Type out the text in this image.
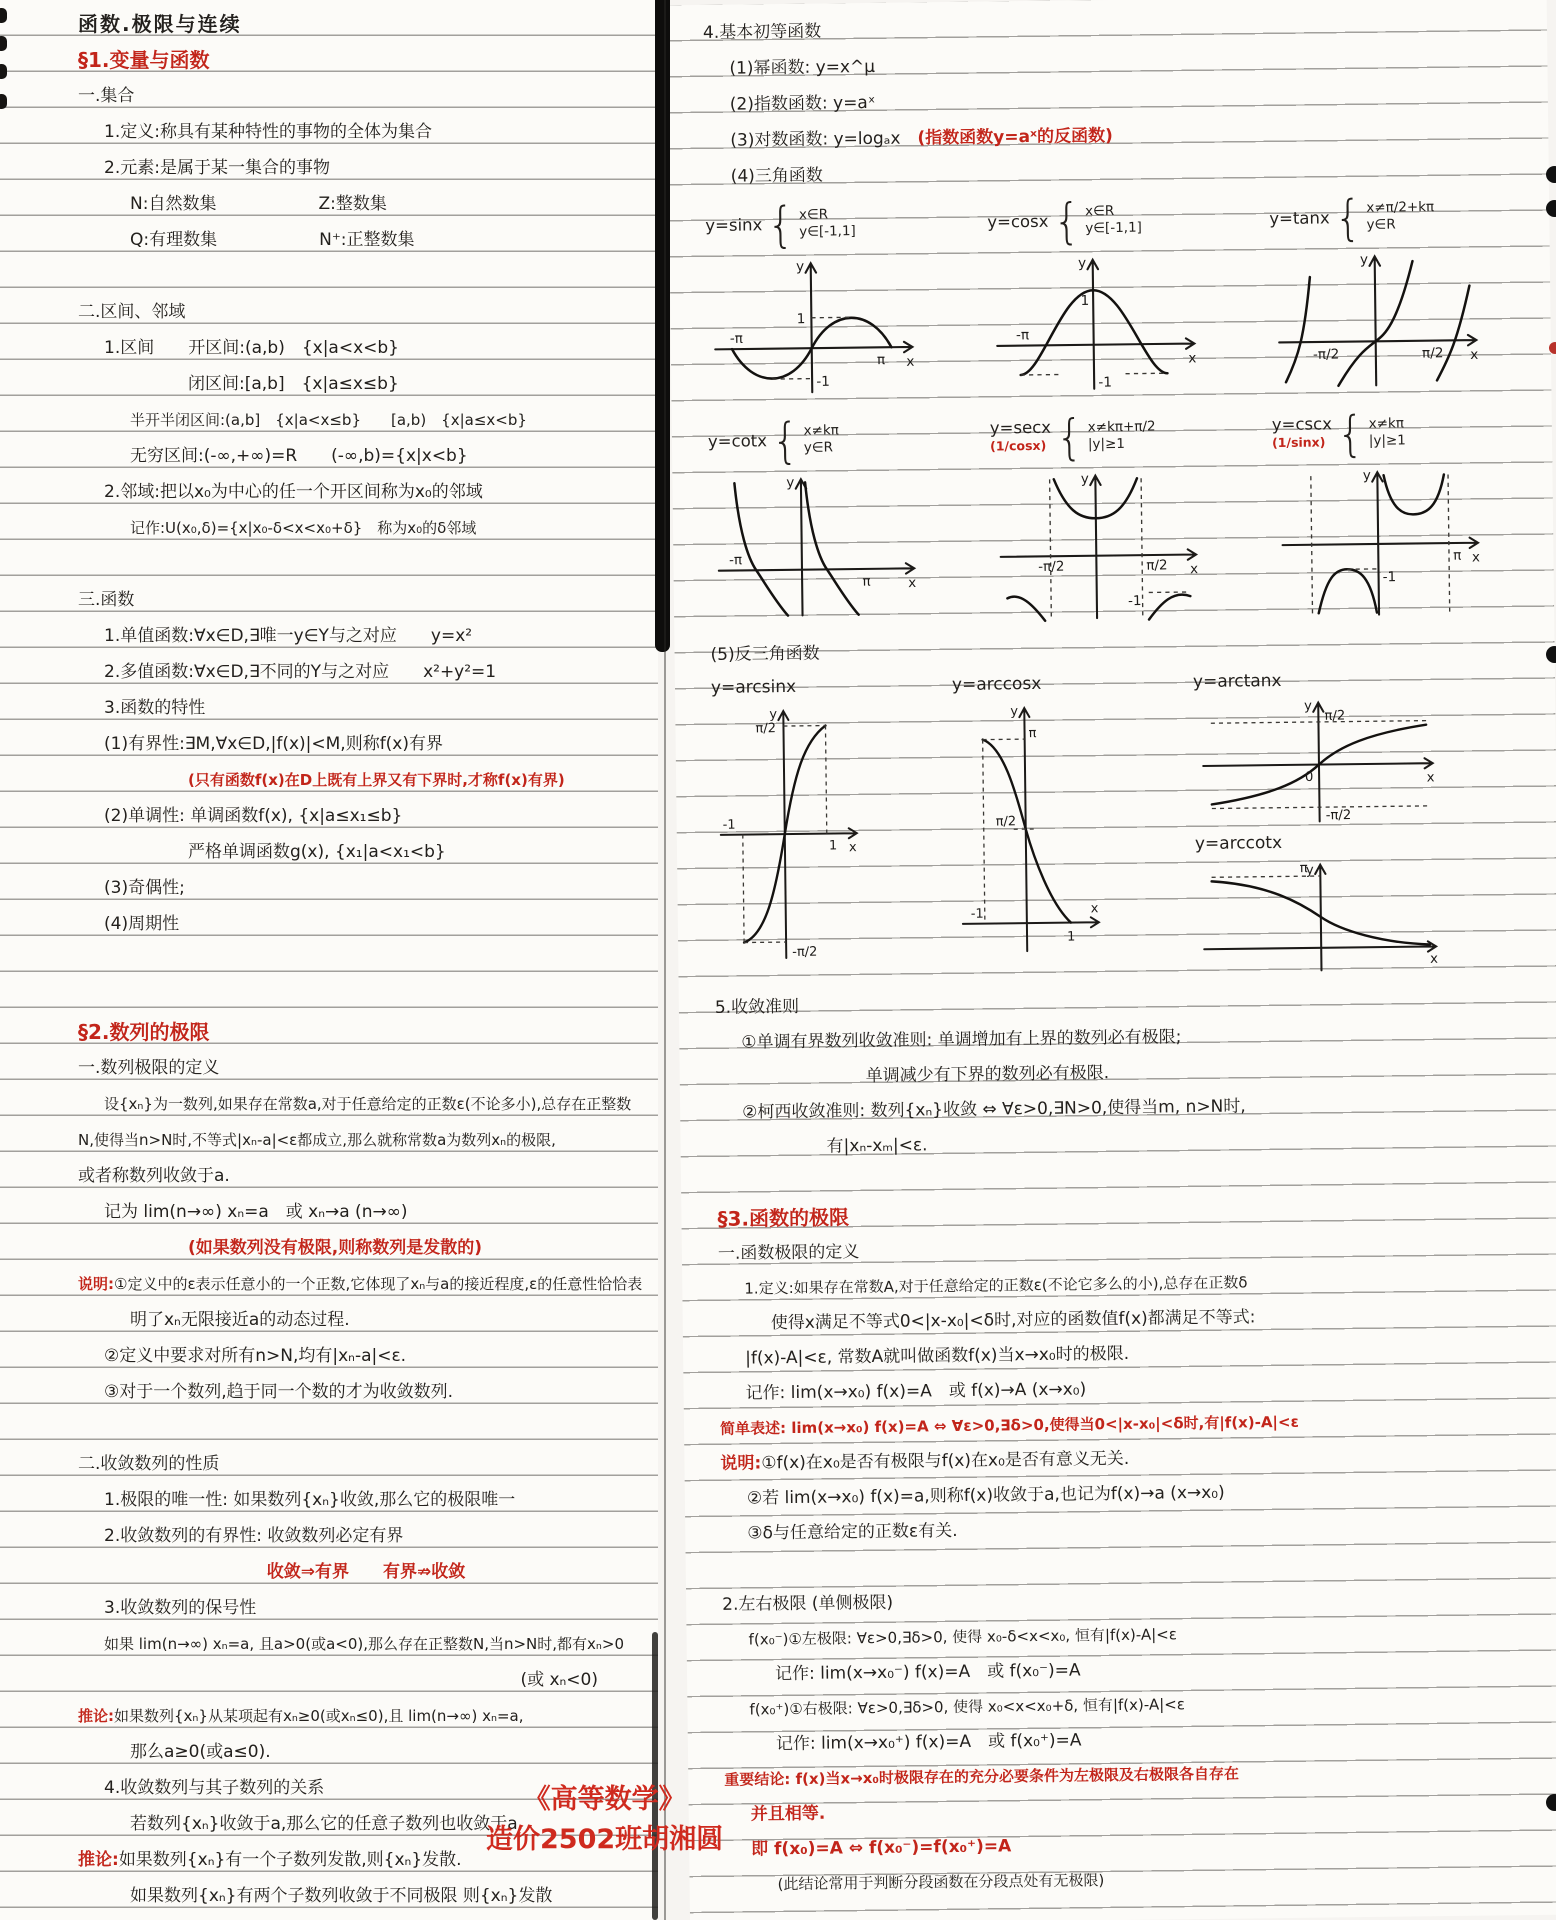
函数.极限与连续
§1.变量与函数
一.集合
1.定义:称具有某种特性的事物的全体为集合
2.元素:是属于某一集合的事物
N:自然数集　　　　　　Z:整数集
Q:有理数集　　　　　　N⁺:正整数集
二.区间、邻域
1.区间　　开区间:(a,b)　{x|a<x<b}
闭区间:[a,b]　{x|a≤x≤b}
半开半闭区间:(a,b]　{x|a<x≤b}　　[a,b)　{x|a≤x<b}
无穷区间:(-∞,+∞)=R　　(-∞,b)={x|x<b}
2.邻域:把以x₀为中心的任一个开区间称为x₀的邻域
记作:U(x₀,δ)={x|x₀-δ<x<x₀+δ}　称为x₀的δ邻域
三.函数
1.单值函数:∀x∈D,∃唯一y∈Y与之对应　　y=x²
2.多值函数:∀x∈D,∃不同的Y与之对应　　x²+y²=1
3.函数的特性
(1)有界性:∃M,∀x∈D,|f(x)|<M,则称f(x)有界
(只有函数f(x)在D上既有上界又有下界时,才称f(x)有界)
(2)单调性: 单调函数f(x), {x|a≤x₁≤b}
严格单调函数g(x), {x₁|a<x₁<b}
(3)奇偶性;
(4)周期性
§2.数列的极限
一.数列极限的定义
设{xₙ}为一数列,如果存在常数a,对于任意给定的正数ε(不论多小),总存在正整数
N,使得当n>N时,不等式|xₙ-a|<ε都成立,那么就称常数a为数列xₙ的极限,
或者称数列收敛于a.
记为 lim(n→∞) xₙ=a　或 xₙ→a (n→∞)
(如果数列没有极限,则称数列是发散的)
说明:①定义中的ε表示任意小的一个正数,它体现了xₙ与a的接近程度,ε的任意性恰恰表
明了xₙ无限接近a的动态过程.
②定义中要求对所有n>N,均有|xₙ-a|<ε.
③对于一个数列,趋于同一个数的才为收敛数列.
二.收敛数列的性质
1.极限的唯一性: 如果数列{xₙ}收敛,那么它的极限唯一
2.收敛数列的有界性: 收敛数列必定有界
收敛⇒有界　　有界⇏收敛
3.收敛数列的保号性
如果 lim(n→∞) xₙ=a, 且a>0(或a<0),那么存在正整数N,当n>N时,都有xₙ>0
(或 xₙ<0)
推论:如果数列{xₙ}从某项起有xₙ≥0(或xₙ≤0),且 lim(n→∞) xₙ=a,
那么a≥0(或a≤0).
4.收敛数列与其子数列的关系
若数列{xₙ}收敛于a,那么它的任意子数列也收敛于a.
推论:如果数列{xₙ}有一个子数列发散,则{xₙ}发散.
如果数列{xₙ}有两个子数列收敛于不同极限 则{xₙ}发散
4.基本初等函数
(1)幂函数: y=x^μ
(2)指数函数: y=aˣ
(3)对数函数: y=logₐx　(指数函数y=aˣ的反函数)
(4)三角函数
y=sinx { x∈R
y∈[-1,1]
1
-1
-π
π
y
x
y=cosx { x∈R
y∈[-1,1]
1
-1
-π
y
x
y=tanx { x≠π/2+kπ
y∈R
-π/2	π/2
y
x
y=cotx { x≠kπ
y∈R
-π
π
y
x
y=secx
(1/cosx) { x≠kπ+π/2
|y|≥1
-π/2	π/2
-1
y
x
y=cscx
(1/sinx) { x≠kπ
|y|≥1
-1
π
y
x
(5)反三角函数
y=arcsinx
π/2
1
-1
-π/2
y
x
y=arccosx
π
π/2
-1
1
y
x
y=arctanx
π/2
-π/2
0
y
x
y=arccotx
π
y
x
5.收敛准则
①单调有界数列收敛准则: 单调增加有上界的数列必有极限;
单调减少有下界的数列必有极限.
②柯西收敛准则: 数列{xₙ}收敛 ⇔ ∀ε>0,∃N>0,使得当m, n>N时,
有|xₙ-xₘ|<ε.
§3.函数的极限
一.函数极限的定义
1.定义:如果存在常数A,对于任意给定的正数ε(不论它多么的小),总存在正数δ
使得x满足不等式0<|x-x₀|<δ时,对应的函数值f(x)都满足不等式:
|f(x)-A|<ε, 常数A就叫做函数f(x)当x→x₀时的极限.
记作: lim(x→x₀) f(x)=A　或 f(x)→A (x→x₀)
简单表述: lim(x→x₀) f(x)=A ⇔ ∀ε>0,∃δ>0,使得当0<|x-x₀|<δ时,有|f(x)-A|<ε
说明:①f(x)在x₀是否有极限与f(x)在x₀是否有意义无关.
②若 lim(x→x₀) f(x)=a,则称f(x)收敛于a,也记为f(x)→a (x→x₀)
③δ与任意给定的正数ε有关.
2.左右极限 (单侧极限)
f(x₀⁻)①左极限: ∀ε>0,∃δ>0, 使得 x₀-δ<x<x₀, 恒有|f(x)-A|<ε
记作: lim(x→x₀⁻) f(x)=A　或 f(x₀⁻)=A
f(x₀⁺)①右极限: ∀ε>0,∃δ>0, 使得 x₀<x<x₀+δ, 恒有|f(x)-A|<ε
记作: lim(x→x₀⁺) f(x)=A　或 f(x₀⁺)=A
重要结论: f(x)当x→x₀时极限存在的充分必要条件为左极限及右极限各自存在
并且相等.
即 f(x₀)=A ⇔ f(x₀⁻)=f(x₀⁺)=A
(此结论常用于判断分段函数在分段点处有无极限)
《高等数学》
造价2502班胡湘圆
